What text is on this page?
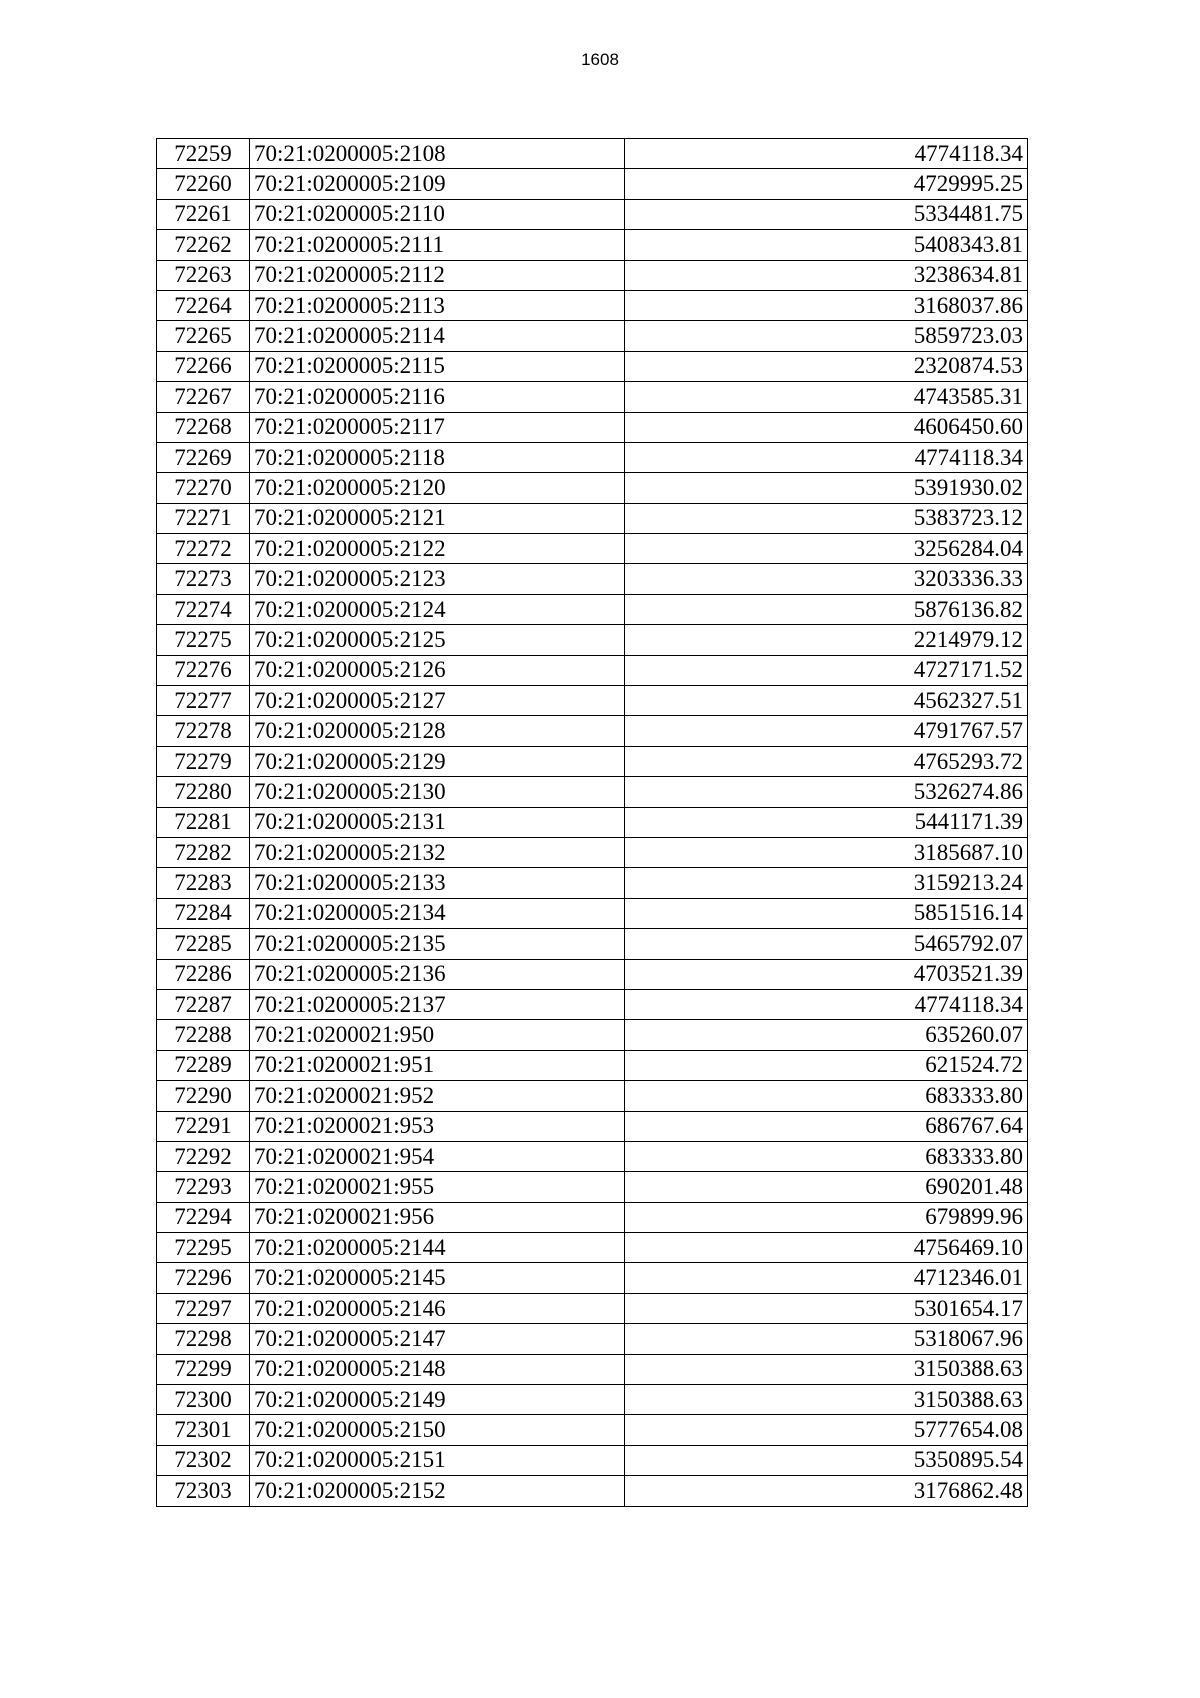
1608
72259	70:21:0200005:2108	4774118.34
72260	70:21:0200005:2109	4729995.25
72261	70:21:0200005:2110	5334481.75
72262	70:21:0200005:2111	5408343.81
72263	70:21:0200005:2112	3238634.81
72264	70:21:0200005:2113	3168037.86
72265	70:21:0200005:2114	5859723.03
72266	70:21:0200005:2115	2320874.53
72267	70:21:0200005:2116	4743585.31
72268	70:21:0200005:2117	4606450.60
72269	70:21:0200005:2118	4774118.34
72270	70:21:0200005:2120	5391930.02
72271	70:21:0200005:2121	5383723.12
72272	70:21:0200005:2122	3256284.04
72273	70:21:0200005:2123	3203336.33
72274	70:21:0200005:2124	5876136.82
72275	70:21:0200005:2125	2214979.12
72276	70:21:0200005:2126	4727171.52
72277	70:21:0200005:2127	4562327.51
72278	70:21:0200005:2128	4791767.57
72279	70:21:0200005:2129	4765293.72
72280	70:21:0200005:2130	5326274.86
72281	70:21:0200005:2131	5441171.39
72282	70:21:0200005:2132	3185687.10
72283	70:21:0200005:2133	3159213.24
72284	70:21:0200005:2134	5851516.14
72285	70:21:0200005:2135	5465792.07
72286	70:21:0200005:2136	4703521.39
72287	70:21:0200005:2137	4774118.34
72288	70:21:0200021:950	635260.07
72289	70:21:0200021:951	621524.72
72290	70:21:0200021:952	683333.80
72291	70:21:0200021:953	686767.64
72292	70:21:0200021:954	683333.80
72293	70:21:0200021:955	690201.48
72294	70:21:0200021:956	679899.96
72295	70:21:0200005:2144	4756469.10
72296	70:21:0200005:2145	4712346.01
72297	70:21:0200005:2146	5301654.17
72298	70:21:0200005:2147	5318067.96
72299	70:21:0200005:2148	3150388.63
72300	70:21:0200005:2149	3150388.63
72301	70:21:0200005:2150	5777654.08
72302	70:21:0200005:2151	5350895.54
72303	70:21:0200005:2152	3176862.48
